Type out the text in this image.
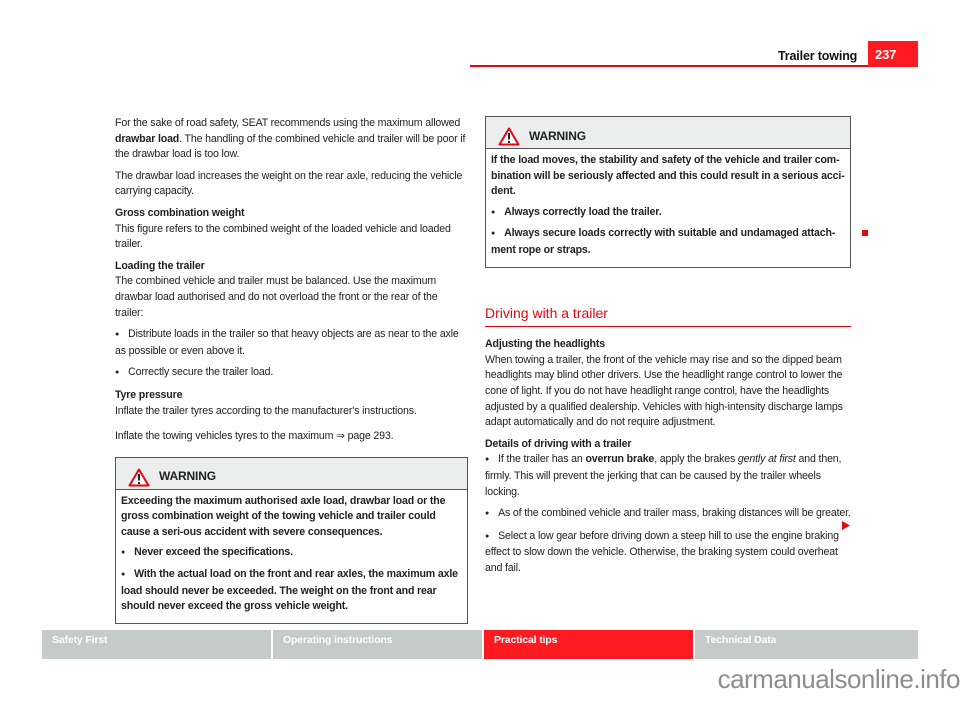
Trailer towing	237

For the sake of road safety, SEAT recommends using the maximum allowed drawbar load. The handling of the combined vehicle and trailer will be poor if the drawbar load is too low.

The drawbar load increases the weight on the rear axle, reducing the vehicle carrying capacity.

Gross combination weight

This figure refers to the combined weight of the loaded vehicle and loaded trailer.

Loading the trailer

The combined vehicle and trailer must be balanced. Use the maximum drawbar load authorised and do not overload the front or the rear of the trailer:

● Distribute loads in the trailer so that heavy objects are as near to the axle as possible or even above it.

● Correctly secure the trailer load.

Tyre pressure

Inflate the trailer tyres according to the manufacturer's instructions.

Inflate the towing vehicles tyres to the maximum ⇒ page 293.

WARNING

Exceeding the maximum authorised axle load, drawbar load or the gross combination weight of the towing vehicle and trailer could cause a seri-ous accident with severe consequences.

● Never exceed the specifications.

● With the actual load on the front and rear axles, the maximum axle load should never be exceeded. The weight on the front and rear should never exceed the gross vehicle weight.

WARNING

If the load moves, the stability and safety of the vehicle and trailer com-bination will be seriously affected and this could result in a serious acci-dent.

● Always correctly load the trailer.

● Always secure loads correctly with suitable and undamaged attach-ment rope or straps.

Driving with a trailer

Adjusting the headlights

When towing a trailer, the front of the vehicle may rise and so the dipped beam headlights may blind other drivers. Use the headlight range control to lower the cone of light. If you do not have headlight range control, have the headlights adjusted by a qualified dealership. Vehicles with high-intensity discharge lamps adapt automatically and do not require adjustment.

Details of driving with a trailer

● If the trailer has an overrun brake, apply the brakes gently at first and then, firmly. This will prevent the jerking that can be caused by the trailer wheels locking.

● As of the combined vehicle and trailer mass, braking distances will be greater.

● Select a low gear before driving down a steep hill to use the engine braking effect to slow down the vehicle. Otherwise, the braking system could overheat and fail.

Safety First	Operating instructions	Practical tips	Technical Data
carmanualsonline.info
